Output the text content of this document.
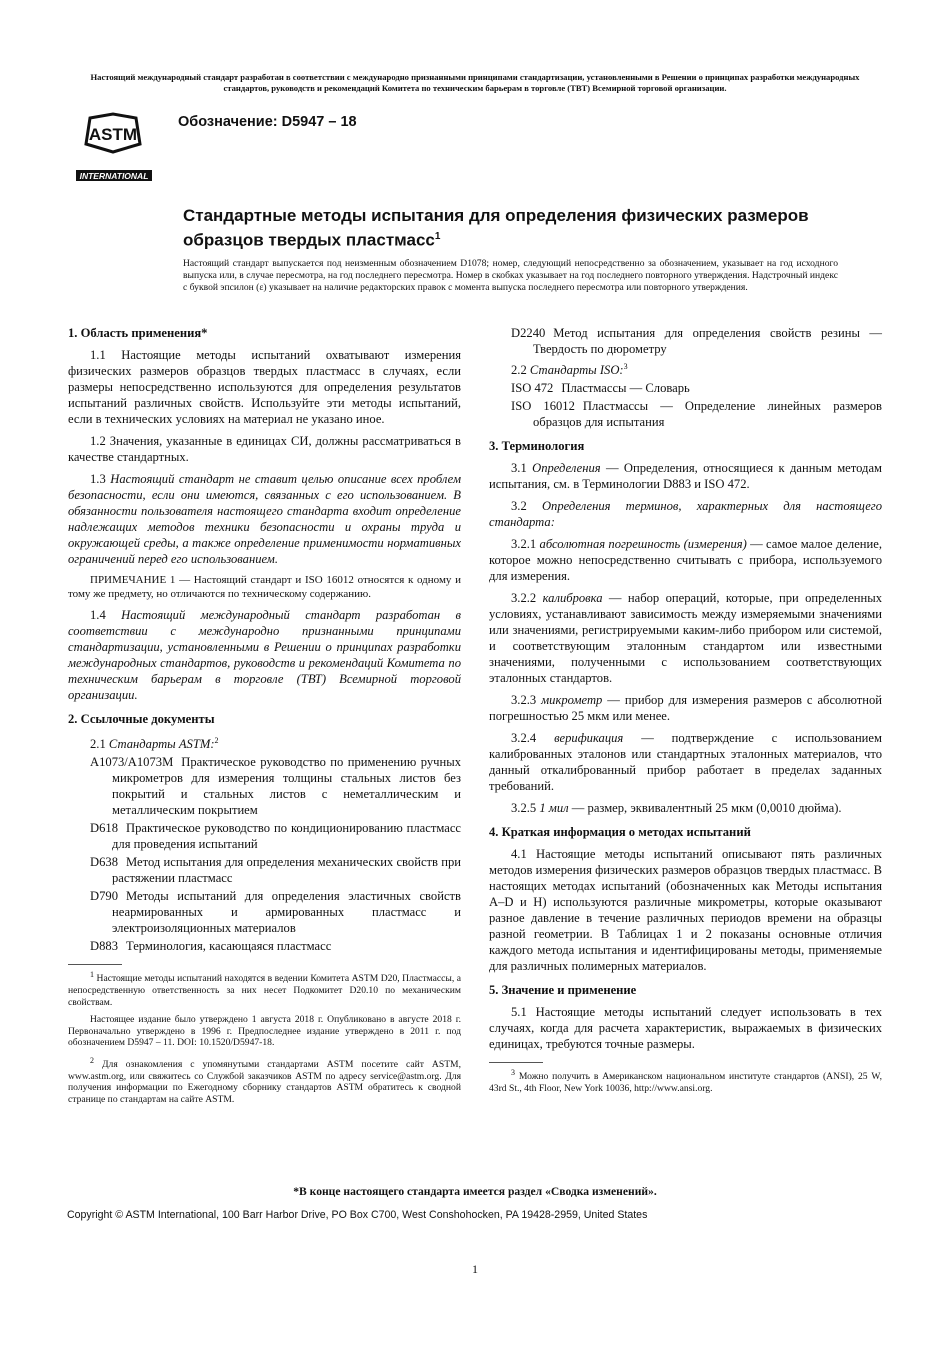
Настоящий международный стандарт разработан в соответствии с международно признанными принципами стандартизации, установленными в Решении о принципах разработки международных стандартов, руководств и рекомендаций Комитета по техническим барьерам в торговле (ТВТ) Всемирной торговой организации.
ASTM
INTERNATIONAL
Обозначение: D5947 – 18
Стандартные методы испытания для определения физических размеров образцов твердых пластмасс$^1$
Настоящий стандарт выпускается под неизменным обозначением D1078; номер, следующий непосредственно за обозначением, указывает на год исходного выпуска или, в случае пересмотра, на год последнего пересмотра. Номер в скобках указывает на год последнего повторного утверждения. Надстрочный индекс с буквой эпсилон (ε) указывает на наличие редакторских правок с момента выпуска последнего пересмотра или повторного утверждения.
1. Область применения*

1.1 Настоящие методы испытаний охватывают измерения физических размеров образцов твердых пластмасс в случаях, если размеры непосредственно используются для определения результатов испытаний различных свойств. Используйте эти методы испытаний, если в технических условиях на материал не указано иное.

1.2 Значения, указанные в единицах СИ, должны рассматриваться в качестве стандартных.

1.3 Настоящий стандарт не ставит целью описание всех проблем безопасности, если они имеются, связанных с его использованием. В обязанности пользователя настоящего стандарта входит определение надлежащих методов техники безопасности и охраны труда и окружающей среды, а также определение применимости нормативных ограничений перед его использованием.

ПРИМЕЧАНИЕ 1 — Настоящий стандарт и ISO 16012 относятся к одному и тому же предмету, но отличаются по техническому содержанию.

1.4 Настоящий международный стандарт разработан в соответствии с международно признанными принципами стандартизации, установленными в Решении о принципах разработки международных стандартов, руководств и рекомендаций Комитета по техническим барьерам в торговле (ТВТ) Всемирной торговой организации.

2. Ссылочные документы
2.1 Стандарты ASTM:$^2$
A1073/A1073M Практическое руководство по применению ручных микрометров для измерения толщины стальных листов без покрытий и стальных листов с неметаллическим и металлическим покрытием
D618 Практическое руководство по кондиционированию пластмасс для проведения испытаний
D638 Метод испытания для определения механических свойств при растяжении пластмасс
D790 Методы испытаний для определения эластичных свойств неармированных и армированных пластмасс и электроизоляционных материалов
D883 Терминология, касающаяся пластмасс

$^1$ Настоящие методы испытаний находятся в ведении Комитета ASTM D20, Пластмассы, а непосредственную ответственность за них несет Подкомитет D20.10 по механическим свойствам.

Настоящее издание было утверждено 1 августа 2018 г. Опубликовано в августе 2018 г. Первоначально утверждено в 1996 г. Предпоследнее издание утверждено в 2011 г. под обозначением D5947 – 11. DOI: 10.1520/D5947-18.

$^2$ Для ознакомления с упомянутыми стандартами ASTM посетите сайт ASTM, www.astm.org, или свяжитесь со Службой заказчиков ASTM по адресу service@astm.org. Для получения информации по Ежегодному сборнику стандартов ASTM обратитесь к сводной странице по стандартам на сайте ASTM.

D2240 Метод испытания для определения свойств резины — Твердость по дюрометру
2.2 Стандарты ISO:$^3$
ISO 472 Пластмассы — Словарь
ISO 16012 Пластмассы — Определение линейных размеров образцов для испытания
3. Терминология

3.1 Определения — Определения, относящиеся к данным методам испытания, см. в Терминологии D883 и ISO 472.

3.2 Определения терминов, характерных для настоящего стандарта:

3.2.1 абсолютная погрешность (измерения) — самое малое деление, которое можно непосредственно считывать с прибора, используемого для измерения.

3.2.2 калибровка — набор операций, которые, при определенных условиях, устанавливают зависимость между измеряемыми значениями или значениями, регистрируемыми каким-либо прибором или системой, и соответствующим эталонным стандартом или известными значениями, полученными с использованием соответствующих эталонных стандартов.

3.2.3 микрометр — прибор для измерения размеров с абсолютной погрешностью 25 мкм или менее.

3.2.4 верификация — подтверждение с использованием калиброванных эталонов или стандартных эталонных материалов, что данный откалиброванный прибор работает в пределах заданных требований.

3.2.5 1 мил — размер, эквивалентный 25 мкм (0,0010 дюйма).

4. Краткая информация о методах испытаний

4.1 Настоящие методы испытаний описывают пять различных методов измерения физических размеров образцов твердых пластмасс. В настоящих методах испытаний (обозначенных как Методы испытания A–D и H) используются различные микрометры, которые оказывают разное давление в течение различных периодов времени на образцы разной геометрии. В Таблицах 1 и 2 показаны основные отличия каждого метода испытания и идентифицированы методы, применяемые для различных полимерных материалов.

5. Значение и применение

5.1 Настоящие методы испытаний следует использовать в тех случаях, когда для расчета характеристик, выражаемых в физических единицах, требуются точные размеры.

$^3$ Можно получить в Американском национальном институте стандартов (ANSI), 25 W, 43rd St., 4th Floor, New York 10036, http://www.ansi.org.

*В конце настоящего стандарта имеется раздел «Сводка изменений».
Copyright © ASTM International, 100 Barr Harbor Drive, PO Box C700, West Conshohocken, PA 19428-2959, United States
1
